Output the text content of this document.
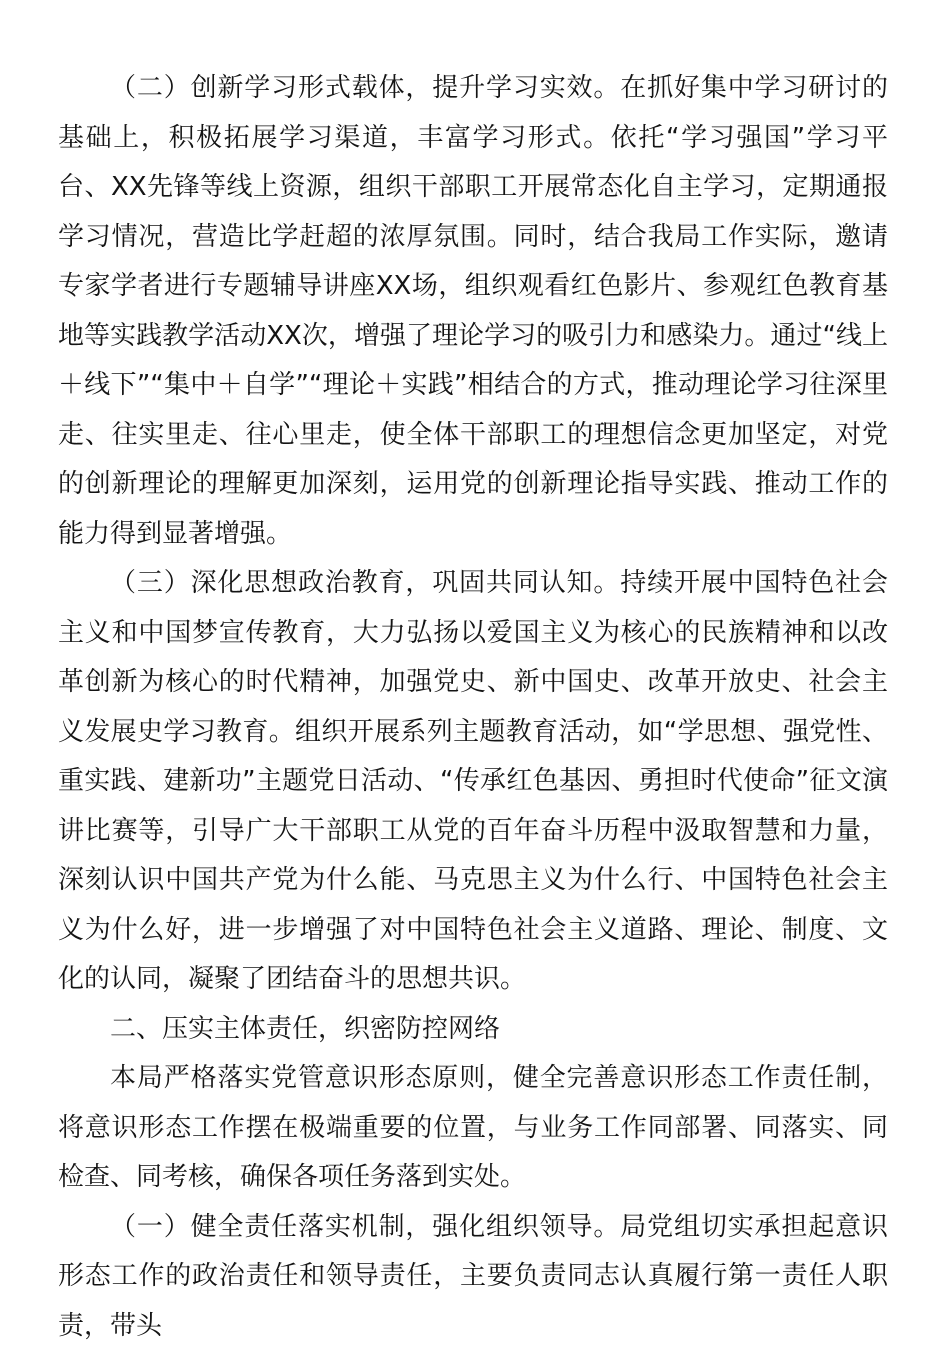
（二）创新学习形式载体，提升学习实效。在抓好集中学习研讨的基础上，积极拓展学习渠道，丰富学习形式。依托“学习强国”学习平台、XX先锋等线上资源，组织干部职工开展常态化自主学习，定期通报学习情况，营造比学赶超的浓厚氛围。同时，结合我局工作实际，邀请专家学者进行专题辅导讲座XX场，组织观看红色影片、参观红色教育基地等实践教学活动XX次，增强了理论学习的吸引力和感染力。通过“线上＋线下”“集中＋自学”“理论＋实践”相结合的方式，推动理论学习往深里走、往实里走、往心里走，使全体干部职工的理想信念更加坚定，对党的创新理论的理解更加深刻，运用党的创新理论指导实践、推动工作的能力得到显著增强。

（三）深化思想政治教育，巩固共同认知。持续开展中国特色社会主义和中国梦宣传教育，大力弘扬以爱国主义为核心的民族精神和以改革创新为核心的时代精神，加强党史、新中国史、改革开放史、社会主义发展史学习教育。组织开展系列主题教育活动，如“学思想、强党性、重实践、建新功”主题党日活动、“传承红色基因、勇担时代使命”征文演讲比赛等，引导广大干部职工从党的百年奋斗历程中汲取智慧和力量，深刻认识中国共产党为什么能、马克思主义为什么行、中国特色社会主义为什么好，进一步增强了对中国特色社会主义道路、理论、制度、文化的认同，凝聚了团结奋斗的思想共识。

二、压实主体责任，织密防控网络

本局严格落实党管意识形态原则，健全完善意识形态工作责任制，将意识形态工作摆在极端重要的位置，与业务工作同部署、同落实、同检查、同考核，确保各项任务落到实处。

（一）健全责任落实机制，强化组织领导。局党组切实承担起意识形态工作的政治责任和领导责任，主要负责同志认真履行第一责任人职责，带头
